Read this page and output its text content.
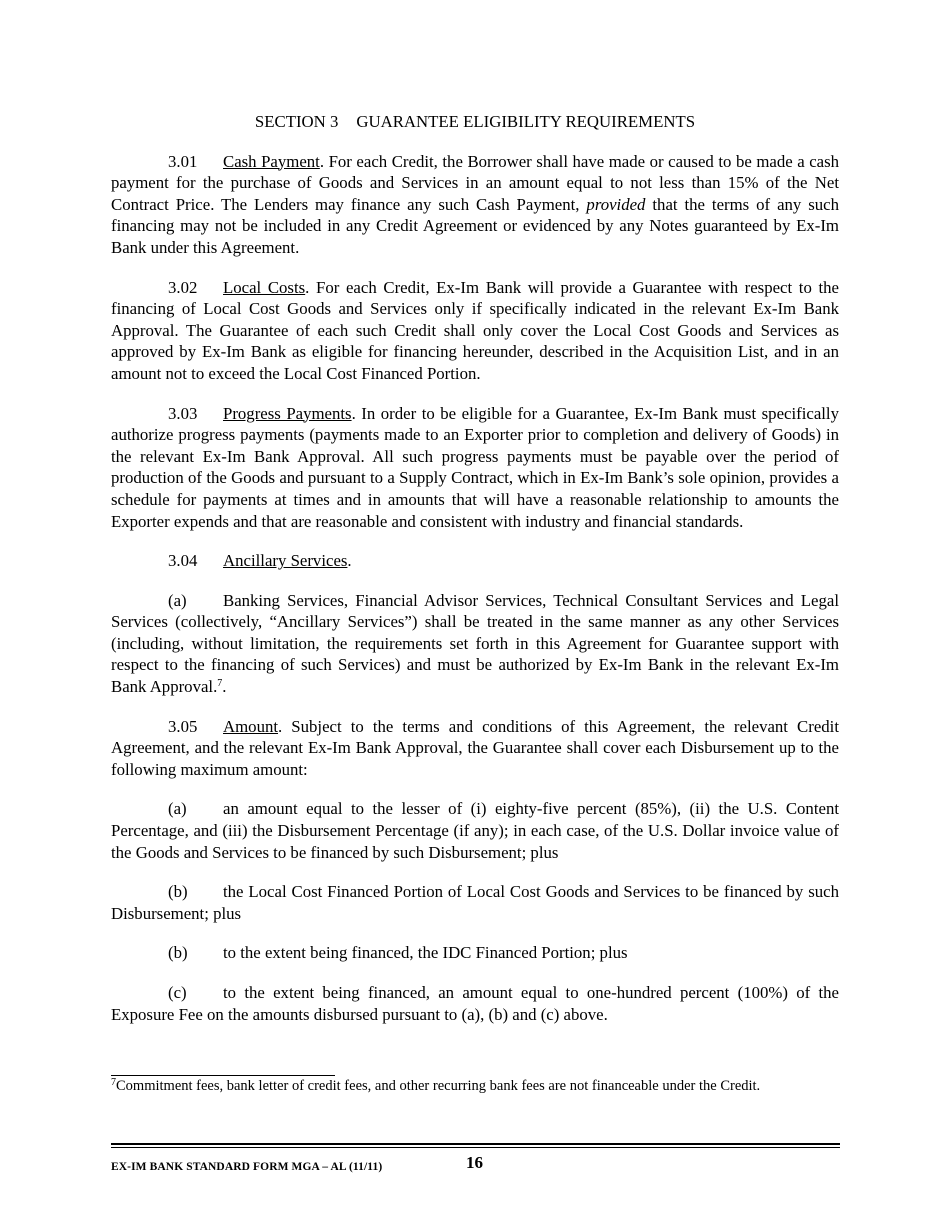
SECTION 3 GUARANTEE ELIGIBILITY REQUIREMENTS

3.01 Cash Payment. For each Credit, the Borrower shall have made or caused to be made a cash payment for the purchase of Goods and Services in an amount equal to not less than 15% of the Net Contract Price. The Lenders may finance any such Cash Payment, provided that the terms of any such financing may not be included in any Credit Agreement or evidenced by any Notes guaranteed by Ex-Im Bank under this Agreement.

3.02 Local Costs. For each Credit, Ex-Im Bank will provide a Guarantee with respect to the financing of Local Cost Goods and Services only if specifically indicated in the relevant Ex-Im Bank Approval. The Guarantee of each such Credit shall only cover the Local Cost Goods and Services as approved by Ex-Im Bank as eligible for financing hereunder, described in the Acquisition List, and in an amount not to exceed the Local Cost Financed Portion.

3.03 Progress Payments. In order to be eligible for a Guarantee, Ex-Im Bank must specifically authorize progress payments (payments made to an Exporter prior to completion and delivery of Goods) in the relevant Ex-Im Bank Approval. All such progress payments must be payable over the period of production of the Goods and pursuant to a Supply Contract, which in Ex-Im Bank’s sole opinion, provides a schedule for payments at times and in amounts that will have a reasonable relationship to amounts the Exporter expends and that are reasonable and consistent with industry and financial standards.

3.04 Ancillary Services.

(a) Banking Services, Financial Advisor Services, Technical Consultant Services and Legal Services (collectively, “Ancillary Services”) shall be treated in the same manner as any other Services (including, without limitation, the requirements set forth in this Agreement for Guarantee support with respect to the financing of such Services) and must be authorized by Ex-Im Bank in the relevant Ex-Im Bank Approval.$^7$.

3.05 Amount. Subject to the terms and conditions of this Agreement, the relevant Credit Agreement, and the relevant Ex-Im Bank Approval, the Guarantee shall cover each Disbursement up to the following maximum amount:

(a) an amount equal to the lesser of (i) eighty-five percent (85%), (ii) the U.S. Content Percentage, and (iii) the Disbursement Percentage (if any); in each case, of the U.S. Dollar invoice value of the Goods and Services to be financed by such Disbursement; plus

(b) the Local Cost Financed Portion of Local Cost Goods and Services to be financed by such Disbursement; plus

(b) to the extent being financed, the IDC Financed Portion; plus

(c) to the extent being financed, an amount equal to one-hundred percent (100%) of the Exposure Fee on the amounts disbursed pursuant to (a), (b) and (c) above.

$^7$Commitment fees, bank letter of credit fees, and other recurring bank fees are not financeable under the Credit.
EX-IM BANK STANDARD FORM MGA – AL (11/11)	16
